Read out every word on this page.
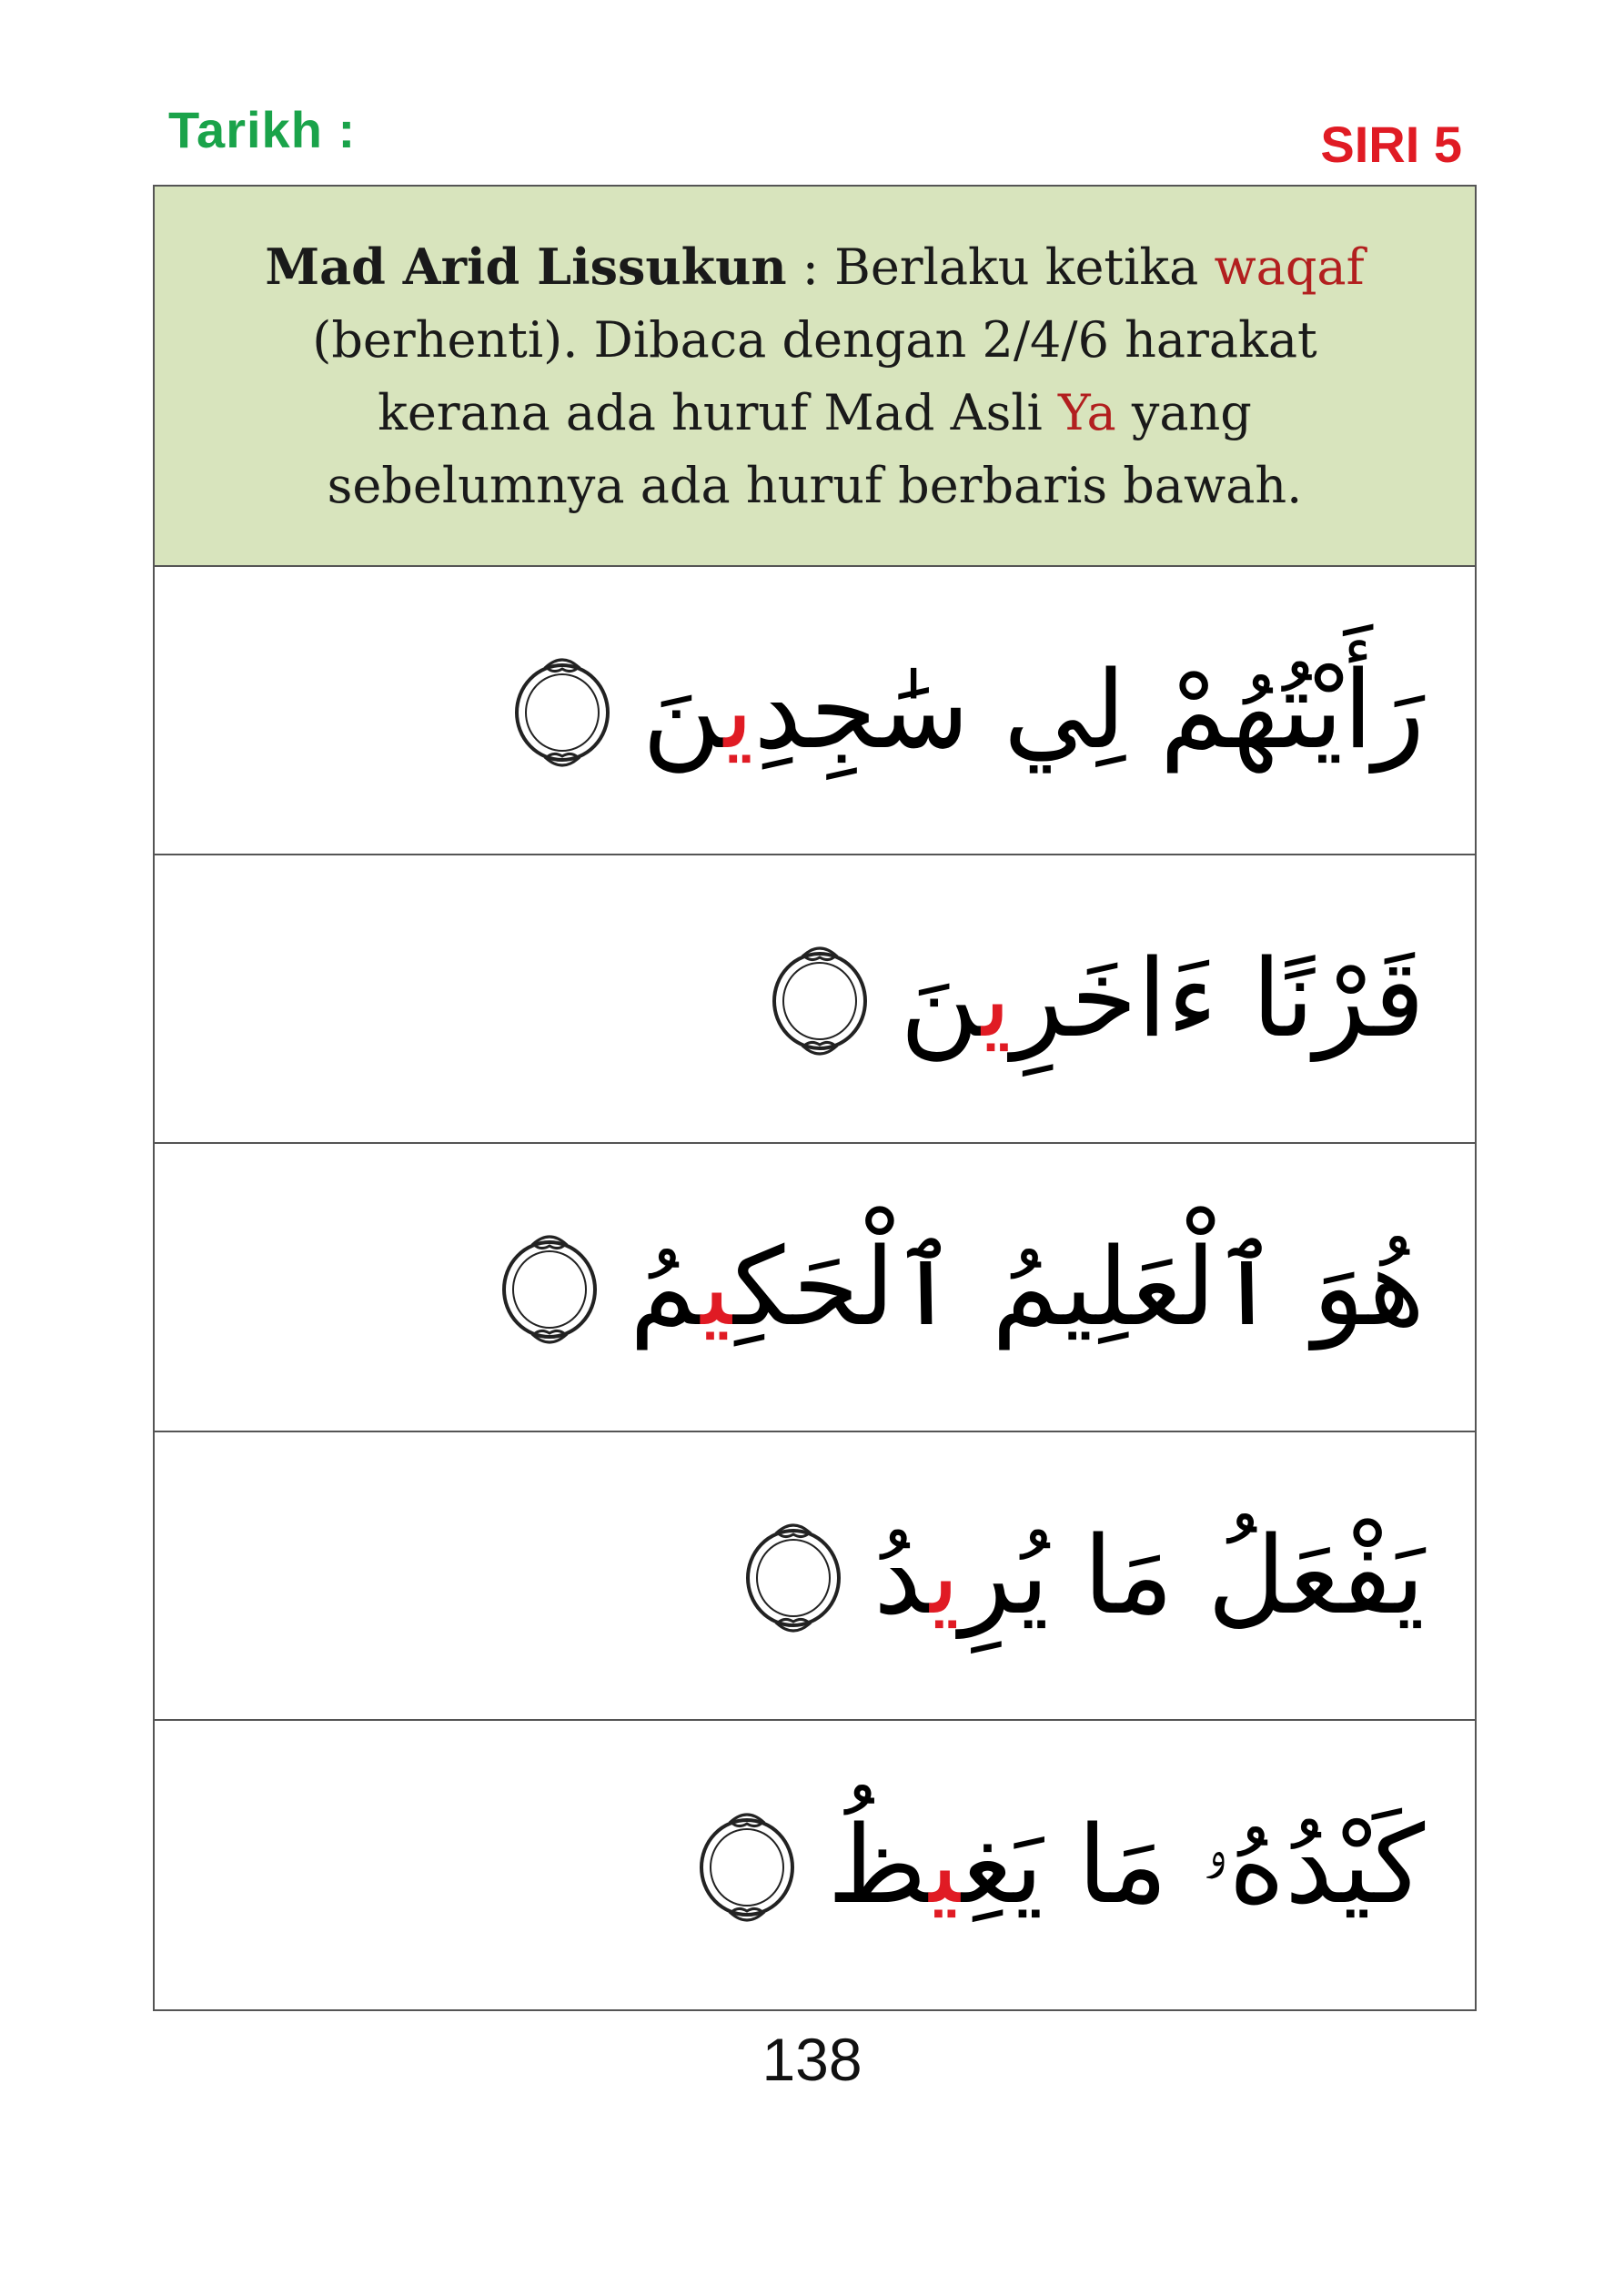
Tarikh :	SIRI 5

Mad Arid Lissukun : Berlaku ketika waqaf
(berhenti). Dibaca dengan 2/4/6 harakat
kerana ada huruf Mad Asli Ya yang
sebelumnya ada huruf berbaris bawah.

رَأَيْتُهُمْ لِي سَٰجِدِينَ
قَرْنًا ءَاخَرِينَ
هُوَ ٱلْعَلِيمُ ٱلْحَكِيمُ
يَفْعَلُ مَا يُرِيدُ
كَيْدُهُۥ مَا يَغِيظُ
138
